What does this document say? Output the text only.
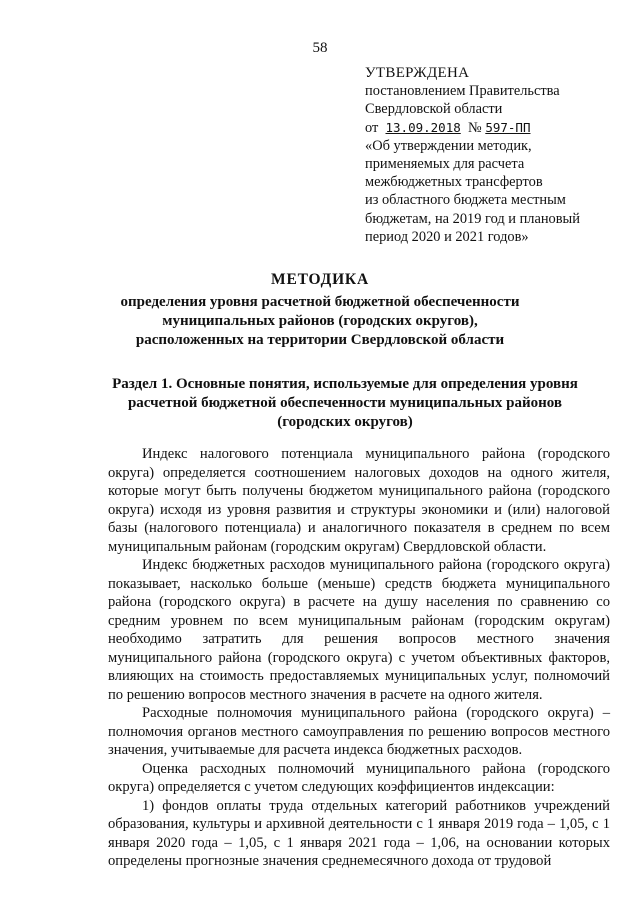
58
УТВЕРЖДЕНА
постановлением Правительства
Свердловской области
от 13.09.2018 № 597-ПП
«Об утверждении методик,
применяемых для расчета
межбюджетных трансфертов
из областного бюджета местным
бюджетам, на 2019 год и плановый
период 2020 и 2021 годов»
МЕТОДИКА
определения уровня расчетной бюджетной обеспеченности
муниципальных районов (городских округов),
расположенных на территории Свердловской области
Раздел 1. Основные понятия, используемые для определения уровня
расчетной бюджетной обеспеченности муниципальных районов
(городских округов)

Индекс налогового потенциала муниципального района (городского округа) определяется соотношением налоговых доходов на одного жителя, которые могут быть получены бюджетом муниципального района (городского округа) исходя из уровня развития и структуры экономики и (или) налоговой базы (налогового потенциала) и аналогичного показателя в среднем по всем муниципальным районам (городским округам) Свердловской области.

Индекс бюджетных расходов муниципального района (городского округа) показывает, насколько больше (меньше) средств бюджета муниципального района (городского округа) в расчете на душу населения по сравнению со средним уровнем по всем муниципальным районам (городским округам) необходимо затратить для решения вопросов местного значения муниципального района (городского округа) с учетом объективных факторов, влияющих на стоимость предоставляемых муниципальных услуг, полномочий по решению вопросов местного значения в расчете на одного жителя.

Расходные полномочия муниципального района (городского округа) – полномочия органов местного самоуправления по решению вопросов местного значения, учитываемые для расчета индекса бюджетных расходов.

Оценка расходных полномочий муниципального района (городского округа) определяется с учетом следующих коэффициентов индексации:

1) фондов оплаты труда отдельных категорий работников учреждений образования, культуры и архивной деятельности с 1 января 2019 года – 1,05, с 1 января 2020 года – 1,05, с 1 января 2021 года – 1,06, на основании которых определены прогнозные значения среднемесячного дохода от трудовой
